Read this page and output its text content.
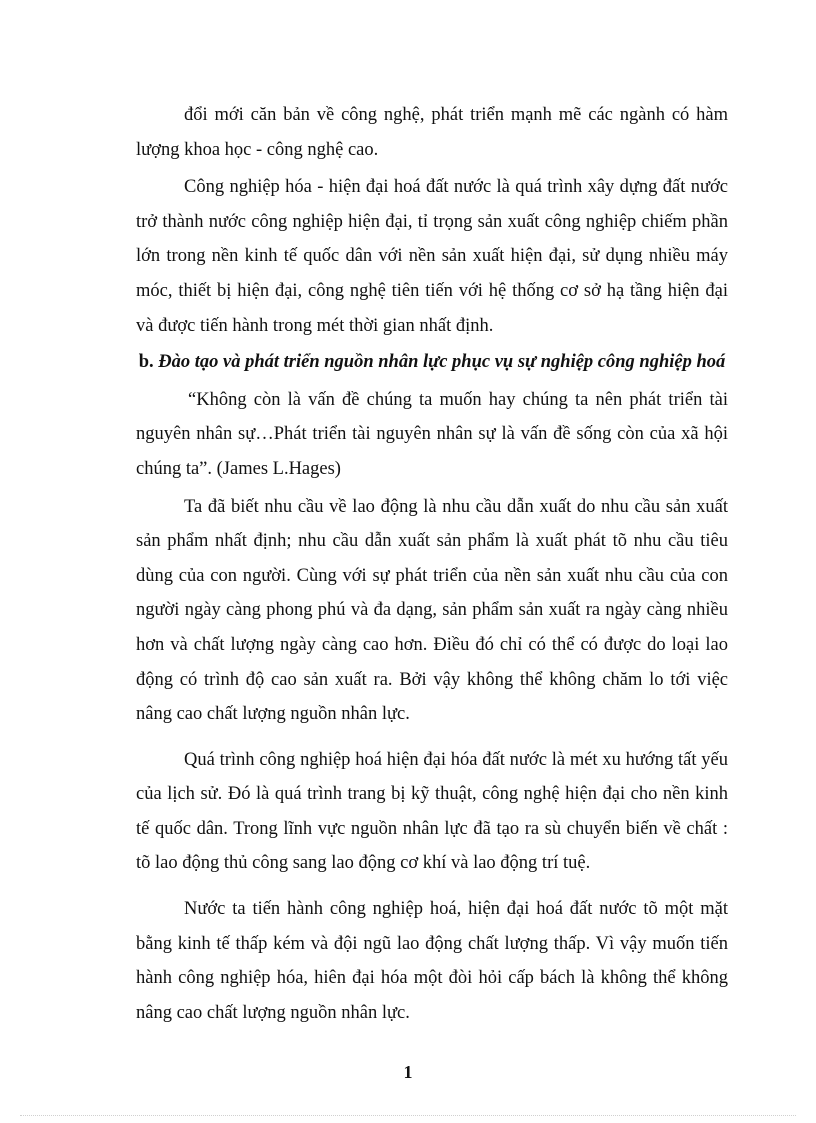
đổi mới căn bản về công nghệ, phát triển mạnh mẽ các ngành có hàm lượng khoa học - công nghệ cao.

Công nghiệp hóa - hiện đại hoá đất nước là quá trình xây dựng đất nước trở thành nước công nghiệp hiện đại, tỉ trọng sản xuất công nghiệp chiếm phần lớn trong nền kinh tế quốc dân với nền sản xuất hiện đại, sử dụng nhiều máy móc, thiết bị hiện đại, công nghệ tiên tiến với hệ thống cơ sở hạ tầng hiện đại và được tiến hành trong mét thời gian nhất định.

b. Đào tạo và phát triển nguồn nhân lực phục vụ sự nghiệp công nghiệp hoá

“Không còn là vấn đề chúng ta muốn hay chúng ta nên phát triển tài nguyên nhân sự…Phát triển tài nguyên nhân sự là vấn đề sống còn của xã hội chúng ta”. (James L.Hages)

Ta đã biết nhu cầu về lao động là nhu cầu dẫn xuất do nhu cầu sản xuất sản phẩm nhất định; nhu cầu dẫn xuất sản phẩm là xuất phát tõ nhu cầu tiêu dùng của con người. Cùng với sự phát triển của nền sản xuất nhu cầu của con người ngày càng phong phú và đa dạng, sản phẩm sản xuất ra ngày càng nhiều hơn và chất lượng ngày càng cao hơn. Điều đó chỉ có thể có được do loại lao động có trình độ cao sản xuất ra. Bởi vậy không thể không chăm lo tới việc nâng cao chất lượng nguồn nhân lực.

Quá trình công nghiệp hoá hiện đại hóa đất nước là mét xu hướng tất yếu của lịch sử. Đó là quá trình trang bị kỹ thuật, công nghệ hiện đại cho nền kinh tế quốc dân. Trong lĩnh vực nguồn nhân lực đã tạo ra sù chuyển biến về chất : tõ lao động thủ công sang lao động cơ khí và lao động trí tuệ.

Nước ta tiến hành công nghiệp hoá, hiện đại hoá đất nước tõ một mặt bằng kinh tế thấp kém và đội ngũ lao động chất lượng thấp. Vì vậy muốn tiến hành công nghiệp hóa, hiên đại hóa một đòi hỏi cấp bách là không thể không nâng cao chất lượng nguồn nhân lực.

1
